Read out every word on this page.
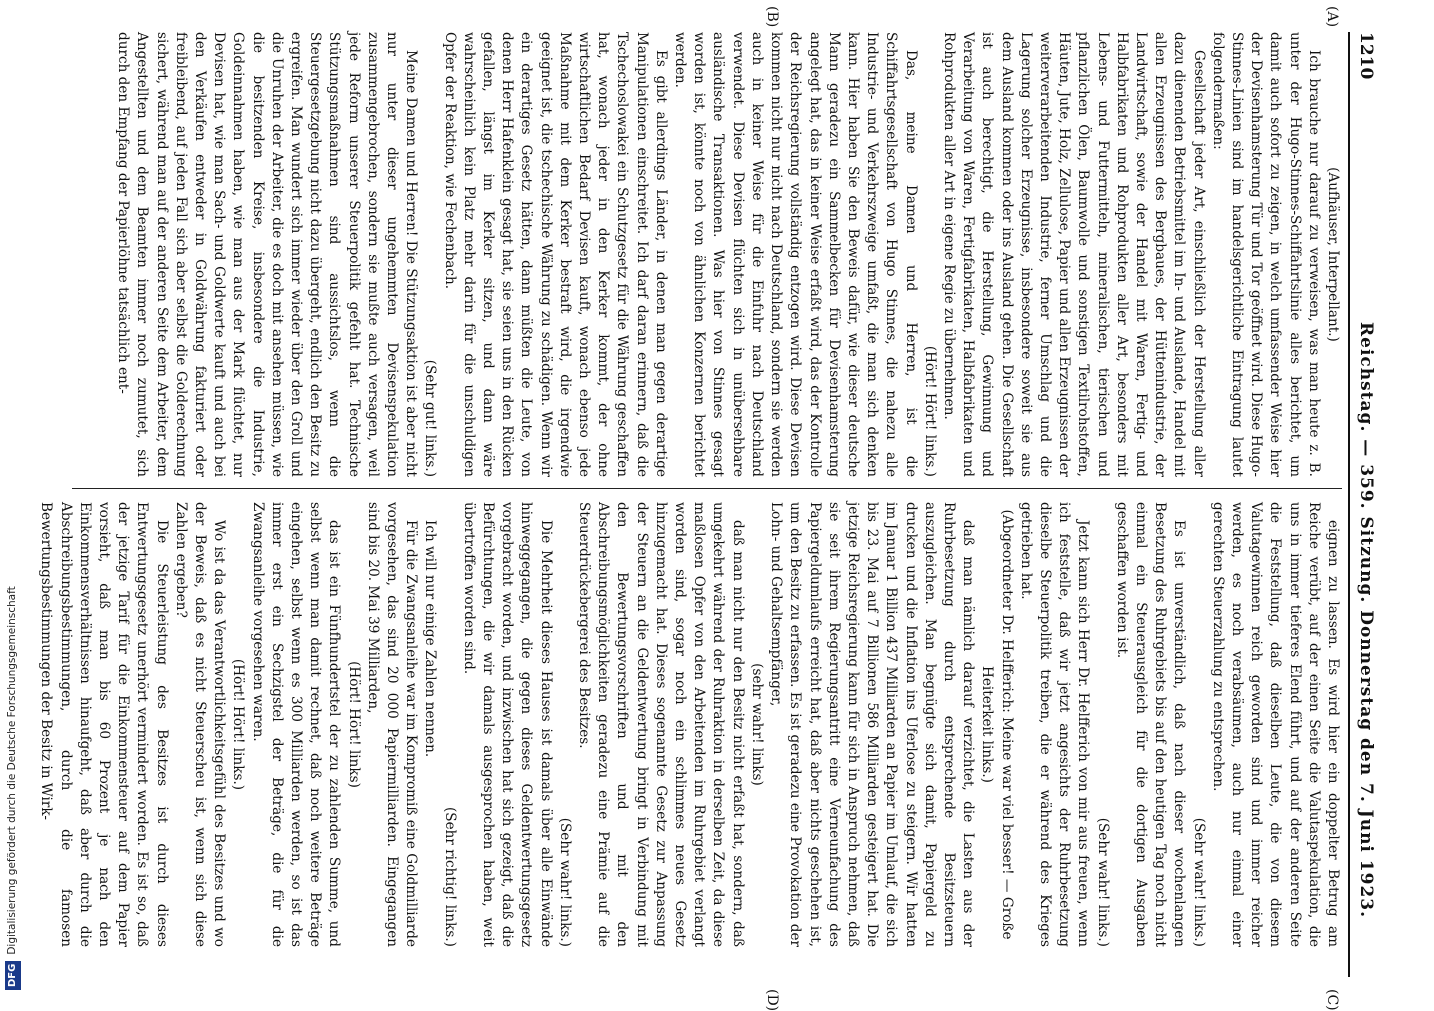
DFGDigitalisierung gefördert durch die Deutsche Forschungsgemeinschaft
1210
Reichstag. — 359. Sitzung. Donnerstag den 7. Juni 1923.
(A)
(B)
(C)
(D)

(Aufhäuser, Interpellant.)

Ich brauche nur darauf zu verweisen, was man heute z. B. unter der Hugo-Stinnes-Schiffahrtslinie alles berichtet, um damit auch sofort zu zeigen, in welch umfassender Weise hier der Devisenhamsterung Tür und Tor geöffnet wird. Diese Hugo-Stinnes-Linien sind im handelsgerichtliche Eintragung lautet folgendermaßen:

Gesellschaft jeder Art, einschließlich der Herstellung aller dazu dienenden Betriebsmittel im In- und Auslande, Handel mit allen Erzeugnissen des Bergbaues, der Hüttenindustrie, der Landwirtschaft, sowie der Handel mit Waren, Fertig- und Halbfabrikaten und Rohprodukten aller Art, besonders mit Lebens- und Futtermitteln, mineralischen, tierischen und pflanzlichen Ölen, Baumwolle und sonstigen Textilrohstoffen, Häuten, Jute, Holz, Zellulose, Papier und allen Erzeugnissen der weiterverarbeitenden Industrie, ferner Umschlag und die Lagerung solcher Erzeugnisse, insbesondere soweit sie aus dem Ausland kommen oder ins Ausland gehen. Die Gesellschaft ist auch berechtigt, die Herstellung, Gewinnung und Verarbeitung von Waren, Fertigfabrikaten, Halbfabrikaten und Rohprodukten aller Art in eigene Regie zu übernehmen.

(Hört! Hört! links.)

Das, meine Damen und Herren, ist die Schiffahrtsgesellschaft von Hugo Stinnes, die nahezu alle Industrie- und Verkehrszweige umfaßt, die man sich denken kann. Hier haben Sie den Beweis dafür, wie dieser deutsche Mann geradezu ein Sammelbecken für Devisenhamsterung angelegt hat, das in keiner Weise erfaßt wird, das der Kontrolle der Reichsregierung vollständig entzogen wird. Diese Devisen kommen nicht nur nicht nach Deutschland, sondern sie werden auch in keiner Weise für die Einfuhr nach Deutschland verwendet. Diese Devisen flüchten sich in unübersehbare ausländische Transaktionen. Was hier von Stinnes gesagt worden ist, könnte noch von ähnlichen Konzernen berichtet werden.

Es gibt allerdings Länder, in denen man gegen derartige Manipulationen einschreitet. Ich darf daran erinnern, daß die Tschechoslowakei ein Schutzgesetz für die Währung geschaffen hat, wonach jeder in den Kerker kommt, der ohne wirtschaftlichen Bedarf Devisen kauft, wonach ebenso jede Maßnahme mit dem Kerker bestraft wird, die irgendwie geeignet ist, die tschechische Währung zu schädigen. Wenn wir ein derartiges Gesetz hätten, dann müßten die Leute, von denen Herr Hafenklein gesagt hat, sie seien uns in den Rücken gefallen, längst im Kerker sitzen, und dann wäre wahrscheinlich kein Platz mehr darin für die unschuldigen Opfer der Reaktion, wie Fechenbach.

(Sehr gut! links.)

Meine Damen und Herren! Die Stützungsaktion ist aber nicht nur unter dieser ungehemmten Devisenspekulation zusammengebrochen, sondern sie mußte auch versagen, weil jede Reform unserer Steuerpolitik gefehlt hat. Technische Stützungsmaßnahmen sind aussichtslos, wenn die Steuergesetzgebung nicht dazu übergeht, endlich den Besitz zu ergreifen. Man wundert sich immer wieder über den Groll und die Unruhen der Arbeiter, die es doch mit ansehen müssen, wie die besitzenden Kreise, insbesondere die Industrie, Goldeinnahmen haben, wie man aus der Mark flüchtet, nur Devisen hat, wie man Sach- und Goldwerte kauft und auch bei den Verkäufen entweder in Goldwährung fakturiert oder freibleibend, auf jeden Fall sich aber selbst die Golderechnung sichert, während man auf der anderen Seite dem Arbeiter, dem Angestellten und dem Beamten immer noch zumutet, sich durch den Empfang der Papierlöhne tatsächlich ent-

eignen zu lassen. Es wird hier ein doppelter Betrug am Reiche verübt, auf der einen Seite die Valutaspekulation, die uns in immer tieferes Elend führt, und auf der anderen Seite die Feststellung, daß dieselben Leute, die von diesem Valutagewinnen reich geworden sind und immer reicher werden, es noch verabsäumen, auch nur einmal einer gerechten Steuerzahlung zu entsprechen.

(Sehr wahr! links.)

Es ist unverständlich, daß nach dieser wochenlangen Besetzung des Ruhrgebiets bis auf den heutigen Tag noch nicht einmal ein Steuerausgleich für die dortigen Ausgaben geschaffen worden ist.

(Sehr wahr! links.)

Jetzt kann sich Herr Dr. Helfferich von mir aus freuen, wenn ich feststelle, daß wir jetzt angesichts der Ruhrbesetzung dieselbe Steuerpolitik treiben, die er während des Krieges getrieben hat.

(Abgeordneter Dr. Helfferich: Meine war viel besser! — Große Heiterkeit links.)

daß man nämlich darauf verzichtet, die Lasten aus der Ruhrbesetzung durch entsprechende Besitzsteuern auszugleichen. Man begnügte sich damit, Papiergeld zu drucken und die Inflation ins Uferlose zu steigern. Wir hatten im Januar 1 Billion 437 Milliarden an Papier im Umlauf, die sich bis 23. Mai auf 7 Billionen 586 Milliarden gesteigert hat. Die jetzige Reichsregierung kann für sich in Anspruch nehmen, daß sie seit ihrem Regierungsantritt eine Verneunfachung des Papiergeldumlaufs erreicht hat, daß aber nichts geschehen ist, um den Besitz zu erfassen. Es ist geradezu eine Provokation der Lohn- und Gehaltsempfänger,

(sehr wahr! links)

daß man nicht nur den Besitz nicht erfaßt hat, sondern, daß umgekehrt während der Ruhraktion in derselben Zeit, da diese maßlosen Opfer von den Arbeitenden im Ruhrgebiet verlangt worden sind, sogar noch ein schlimmes neues Gesetz hinzugemacht hat. Dieses sogenannte Gesetz zur Anpassung der Steuern an die Geldentwertung bringt in Verbindung mit den Bewertungsvorschriften und mit den Abschreibungsmöglichkeiten geradezu eine Prämie auf die Steuerdrückebergerei des Besitzes.

(Sehr wahr! links.)

Die Mehrheit dieses Hauses ist damals über alle Einwände hinweggegangen, die gegen dieses Geldentwertungsgesetz vorgebracht worden, und inzwischen hat sich gezeigt, daß die Befürchtungen, die wir damals ausgesprochen haben, weit übertroffen worden sind.

(Sehr richtig! links.)

Ich will nur einige Zahlen nennen.

Für die Zwangsanleihe war im Kompromiß eine Goldmilliarde vorgesehen, das sind 20 000 Papiermilliarden. Eingegangen sind bis 20. Mai 39 Milliarden,

(Hört! Hört! links)

das ist ein Fünfhundertstel der zu zahlenden Summe, und selbst wenn man damit rechnet, daß noch weitere Beträge eingehen, selbst wenn es 300 Milliarden werden, so ist das immer erst ein Sechzigstel der Beträge, die für die Zwangsanleihe vorgesehen waren.

(Hört! Hört! links.)

Wo ist da das Verantwortlichkeitsgefühl des Besitzes und wo der Beweis, daß es nicht Steuerscheu ist, wenn sich diese Zahlen ergeben?

Die Steuerleistung des Besitzes ist durch dieses Entwertungsgesetz unerhört vermindert worden. Es ist so, daß der jetzige Tarif für die Einkommensteuer auf dem Papier vorsieht, daß man bis 60 Prozent je nach den Einkommensverhältnissen hinaufgeht, daß aber durch die Abschreibungsbestimmungen, durch die famosen Bewertungsbestimmungen der Besitz in Wirk-
